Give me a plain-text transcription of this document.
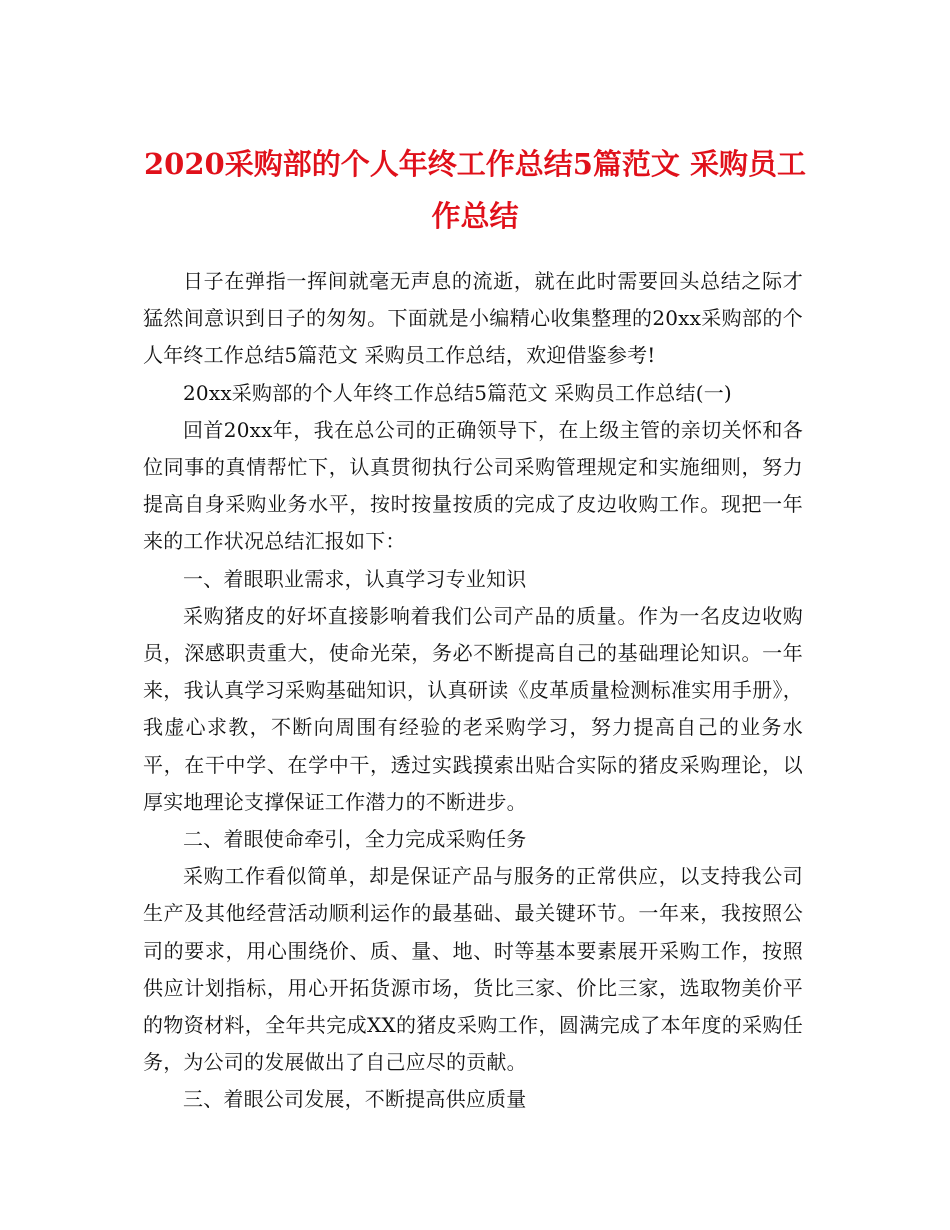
2020采购部的个人年终工作总结5篇范文 采购员工作总结

日子在弹指一挥间就毫无声息的流逝，就在此时需要回头总结之际才猛然间意识到日子的匆匆。下面就是小编精心收集整理的20xx采购部的个人年终工作总结5篇范文 采购员工作总结，欢迎借鉴参考!

20xx采购部的个人年终工作总结5篇范文 采购员工作总结(一)

回首20xx年，我在总公司的正确领导下，在上级主管的亲切关怀和各位同事的真情帮忙下，认真贯彻执行公司采购管理规定和实施细则，努力提高自身采购业务水平，按时按量按质的完成了皮边收购工作。现把一年来的工作状况总结汇报如下：

一、着眼职业需求，认真学习专业知识

采购猪皮的好坏直接影响着我们公司产品的质量。作为一名皮边收购员，深感职责重大，使命光荣，务必不断提高自己的基础理论知识。一年来，我认真学习采购基础知识，认真研读《皮革质量检测标准实用手册》，我虚心求教，不断向周围有经验的老采购学习，努力提高自己的业务水平，在干中学、在学中干，透过实践摸索出贴合实际的猪皮采购理论，以厚实地理论支撑保证工作潜力的不断进步。

二、着眼使命牵引，全力完成采购任务

采购工作看似简单，却是保证产品与服务的正常供应，以支持我公司生产及其他经营活动顺利运作的最基础、最关键环节。一年来，我按照公司的要求，用心围绕价、质、量、地、时等基本要素展开采购工作，按照供应计划指标，用心开拓货源市场，货比三家、价比三家，选取物美价平的物资材料，全年共完成XX的猪皮采购工作，圆满完成了本年度的采购任务，为公司的发展做出了自己应尽的贡献。

三、着眼公司发展，不断提高供应质量
